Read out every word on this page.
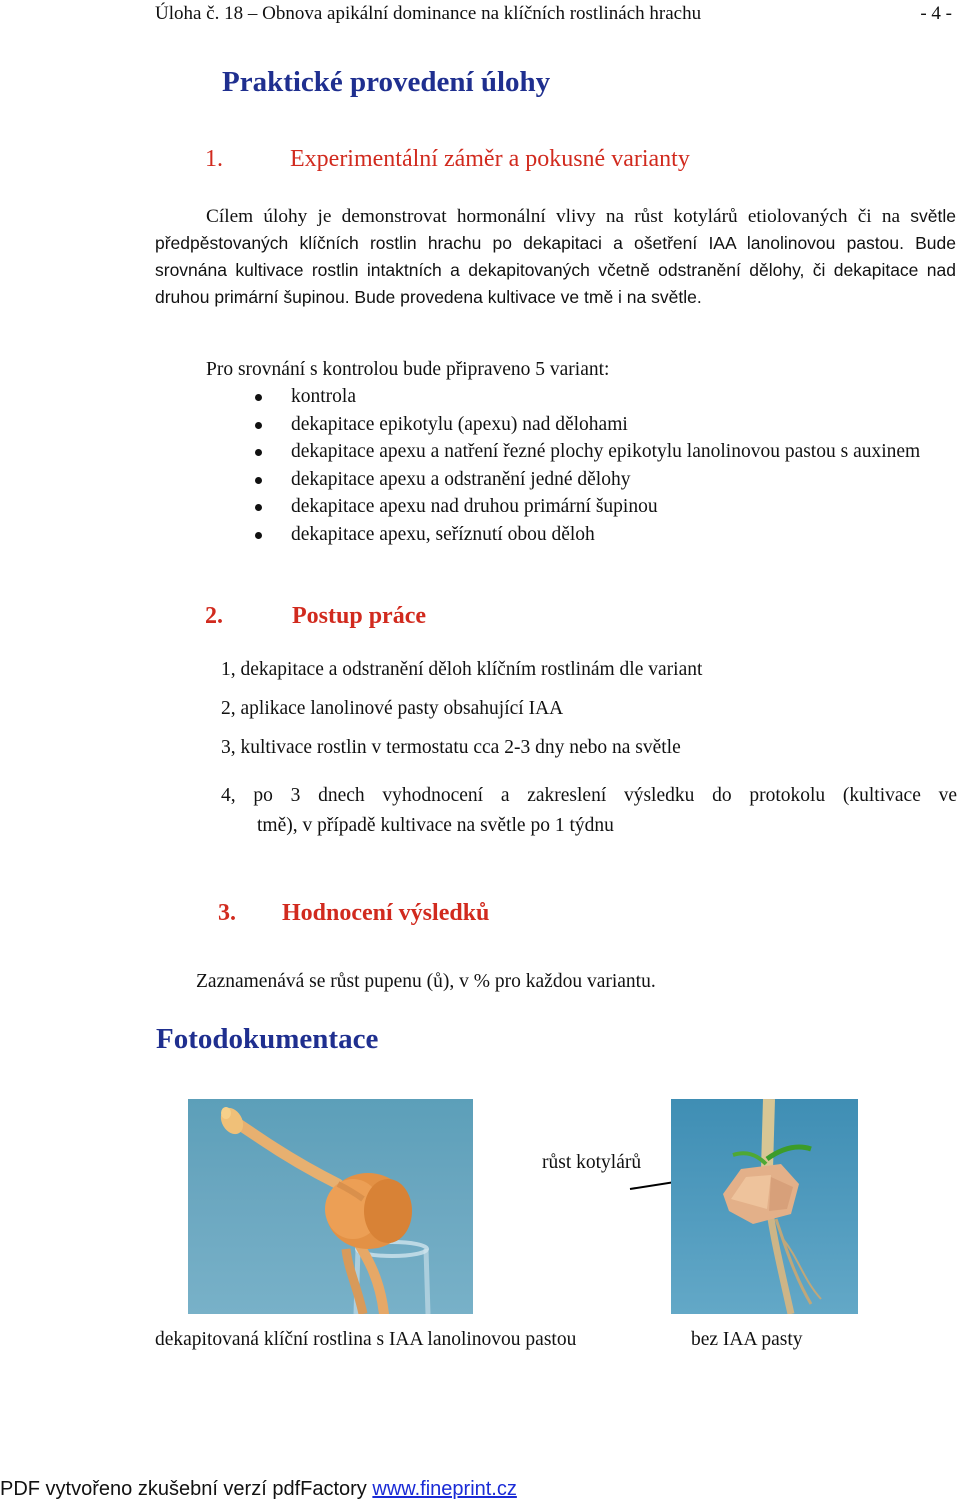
Úloha č. 18 – Obnova apikální dominance na klíčních rostlinách hrachu	- 4 -
Praktické provedení úlohy
1.	Experimentální záměr a pokusné varianty
Cílem úlohy je demonstrovat hormonální vlivy na růst kotylárů etiolovaných či na světle předpěstovaných klíčních rostlin hrachu po dekapitaci a ošetření IAA lanolinovou pastou. Bude srovnána kultivace rostlin intaktních a dekapitovaných včetně odstranění dělohy, či dekapitace nad druhou primární šupinou. Bude provedena kultivace ve tmě i na světle.
Pro srovnání s kontrolou bude připraveno 5 variant:
kontrola
dekapitace epikotylu (apexu) nad dělohami
dekapitace apexu a natření řezné plochy epikotylu lanolinovou pastou s auxinem
dekapitace apexu a odstranění jedné dělohy
dekapitace apexu nad druhou primární šupinou
dekapitace apexu, seříznutí obou děloh
2.	Postup práce
1, dekapitace a odstranění děloh klíčním rostlinám dle variant
2, aplikace lanolinové pasty obsahující IAA
3, kultivace rostlin v termostatu cca 2-3 dny nebo na světle
4, po 3 dnech vyhodnocení a zakreslení výsledku do protokolu (kultivace ve
tmě), v případě kultivace na světle po 1 týdnu
3. Hodnocení výsledků
Zaznamenává se růst pupenu (ů), v % pro každou variantu.
Fotodokumentace
růst kotylárů
dekapitovaná klíční rostlina s IAA lanolinovou pastou	bez IAA pasty
PDF vytvořeno zkušební verzí pdfFactory www.fineprint.cz
